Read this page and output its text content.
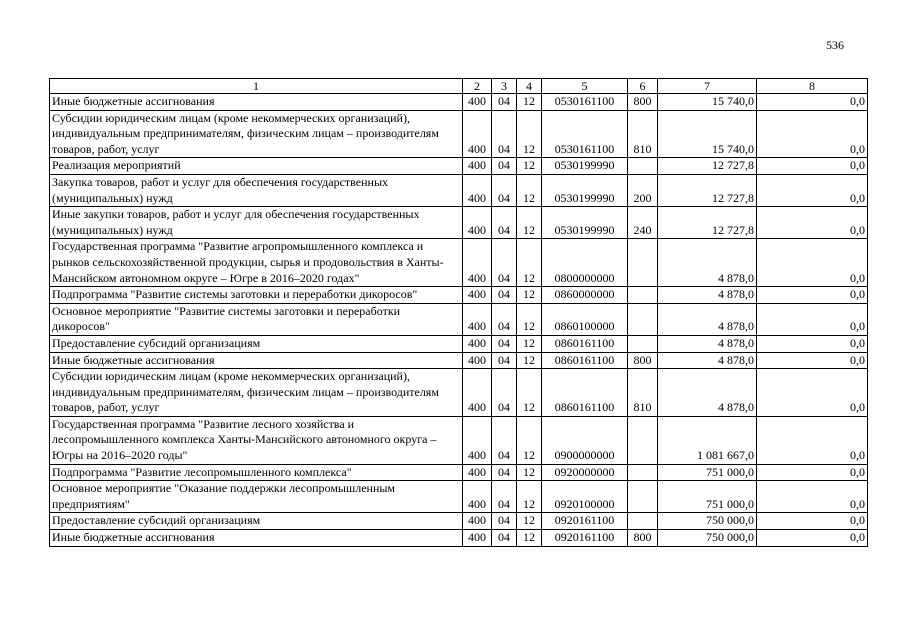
536
1	2	3	4	5	6	7	8
Иные бюджетные ассигнования	400	04	12	0530161100	800	15 740,0	0,0
Субсидии юридическим лицам (кроме некоммерческих организаций), индивидуальным предпринимателям, физическим лицам – производителям товаров, работ, услуг	400	04	12	0530161100	810	15 740,0	0,0
Реализация мероприятий	400	04	12	0530199990		12 727,8	0,0
Закупка товаров, работ и услуг для обеспечения государственных (муниципальных) нужд	400	04	12	0530199990	200	12 727,8	0,0
Иные закупки товаров, работ и услуг для обеспечения государственных (муниципальных) нужд	400	04	12	0530199990	240	12 727,8	0,0
Государственная программа "Развитие агропромышленного комплекса и рынков сельскохозяйственной продукции, сырья и продовольствия в Ханты-Мансийском автономном округе – Югре в 2016–2020 годах"	400	04	12	0800000000		4 878,0	0,0
Подпрограмма "Развитие системы заготовки и переработки дикоросов"	400	04	12	0860000000		4 878,0	0,0
Основное мероприятие "Развитие системы заготовки и переработки дикоросов"	400	04	12	0860100000		4 878,0	0,0
Предоставление субсидий организациям	400	04	12	0860161100		4 878,0	0,0
Иные бюджетные ассигнования	400	04	12	0860161100	800	4 878,0	0,0
Субсидии юридическим лицам (кроме некоммерческих организаций), индивидуальным предпринимателям, физическим лицам – производителям товаров, работ, услуг	400	04	12	0860161100	810	4 878,0	0,0
Государственная программа "Развитие лесного хозяйства и лесопромышленного комплекса Ханты-Мансийского автономного округа – Югры на 2016–2020 годы"	400	04	12	0900000000		1 081 667,0	0,0
Подпрограмма "Развитие лесопромышленного комплекса"	400	04	12	0920000000		751 000,0	0,0
Основное мероприятие "Оказание поддержки лесопромышленным предприятиям"	400	04	12	0920100000		751 000,0	0,0
Предоставление субсидий организациям	400	04	12	0920161100		750 000,0	0,0
Иные бюджетные ассигнования	400	04	12	0920161100	800	750 000,0	0,0
